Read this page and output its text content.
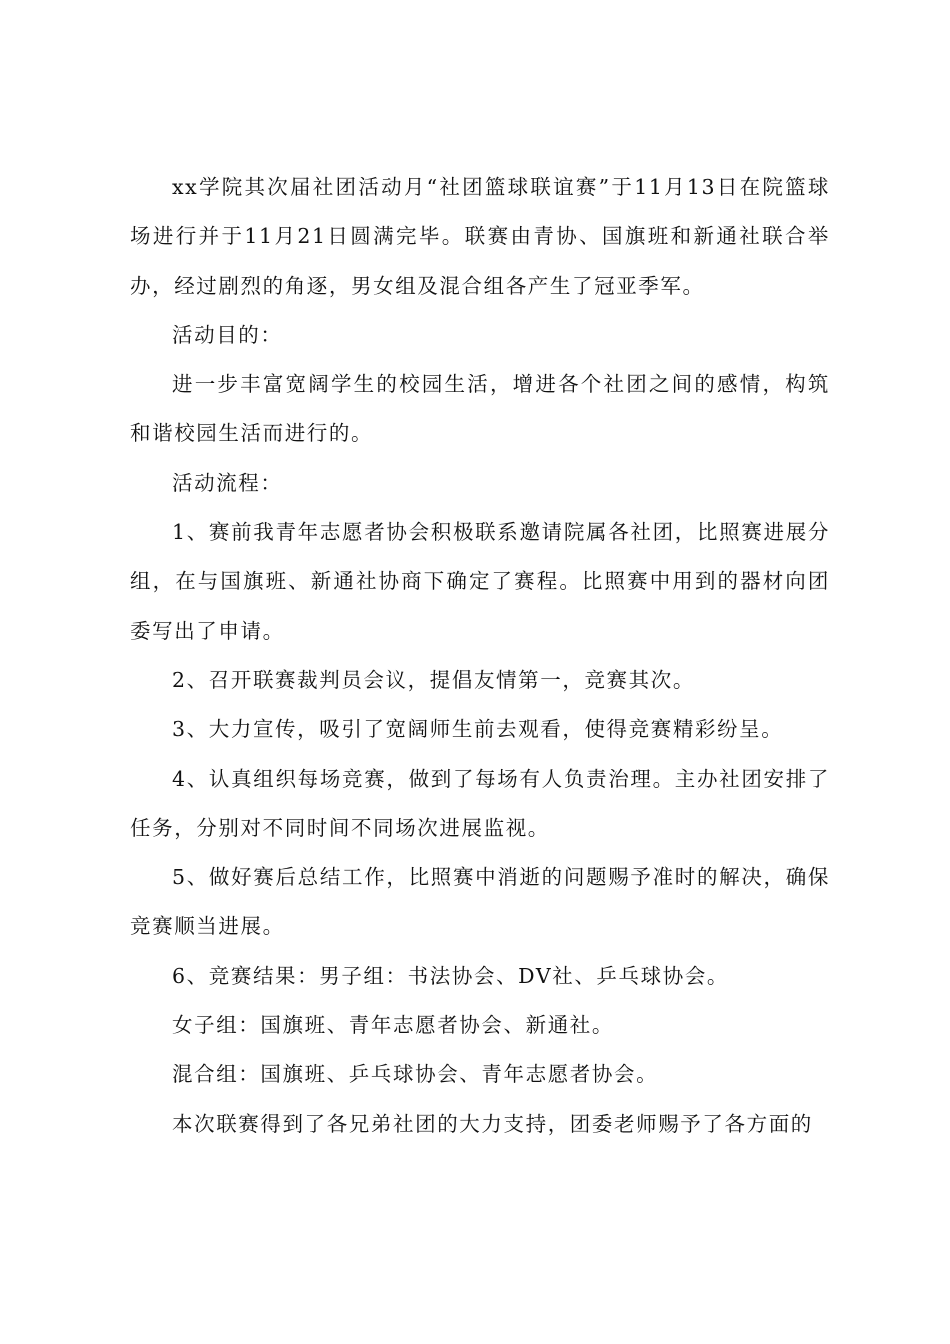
xx学院其次届社团活动月“社团篮球联谊赛”于11月13日在院篮球场进行并于11月21日圆满完毕。联赛由青协、国旗班和新通社联合举办，经过剧烈的角逐，男女组及混合组各产生了冠亚季军。

活动目的：

进一步丰富宽阔学生的校园生活，增进各个社团之间的感情，构筑和谐校园生活而进行的。

活动流程：

1、赛前我青年志愿者协会积极联系邀请院属各社团，比照赛进展分组，在与国旗班、新通社协商下确定了赛程。比照赛中用到的器材向团委写出了申请。

2、召开联赛裁判员会议，提倡友情第一，竞赛其次。

3、大力宣传，吸引了宽阔师生前去观看，使得竞赛精彩纷呈。

4、认真组织每场竞赛，做到了每场有人负责治理。主办社团安排了任务，分别对不同时间不同场次进展监视。

5、做好赛后总结工作，比照赛中消逝的问题赐予准时的解决，确保竞赛顺当进展。

6、竞赛结果：男子组：书法协会、DV社、乒乓球协会。

女子组：国旗班、青年志愿者协会、新通社。

混合组：国旗班、乒乓球协会、青年志愿者协会。

本次联赛得到了各兄弟社团的大力支持，团委老师赐予了各方面的
